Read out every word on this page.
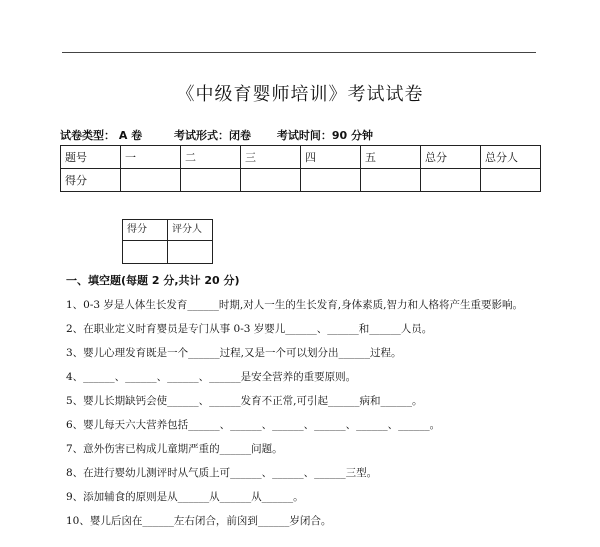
《中级育婴师培训》考试试卷
试卷类型： A 卷	考试形式：闭卷 考试时间：90 分钟
题号	一	二	三	四	五	总分	总分人
得分							
得分	评分人

一、填空题(每题 2 分,共计 20 分)
1、0-3 岁是人体生长发育______时期,对人一生的生长发育,身体素质,智力和人格将产生重要影响。
2、在职业定义时育婴员是专门从事 0-3 岁婴儿______、______和______人员。
3、婴儿心理发育既是一个______过程,又是一个可以划分出______过程。
4、______、______、______、______是安全营养的重要原则。
5、婴儿长期缺钙会使______、______发育不正常,可引起______病和______。
6、婴儿每天六大营养包括______、______、______、______、______、______。
7、意外伤害已构成儿童期严重的______问题。
8、在进行婴幼儿测评时从气质上可______、______、______三型。
9、添加辅食的原则是从______从______从______。
10、婴儿后囟在______左右闭合，前囟到______岁闭合。
